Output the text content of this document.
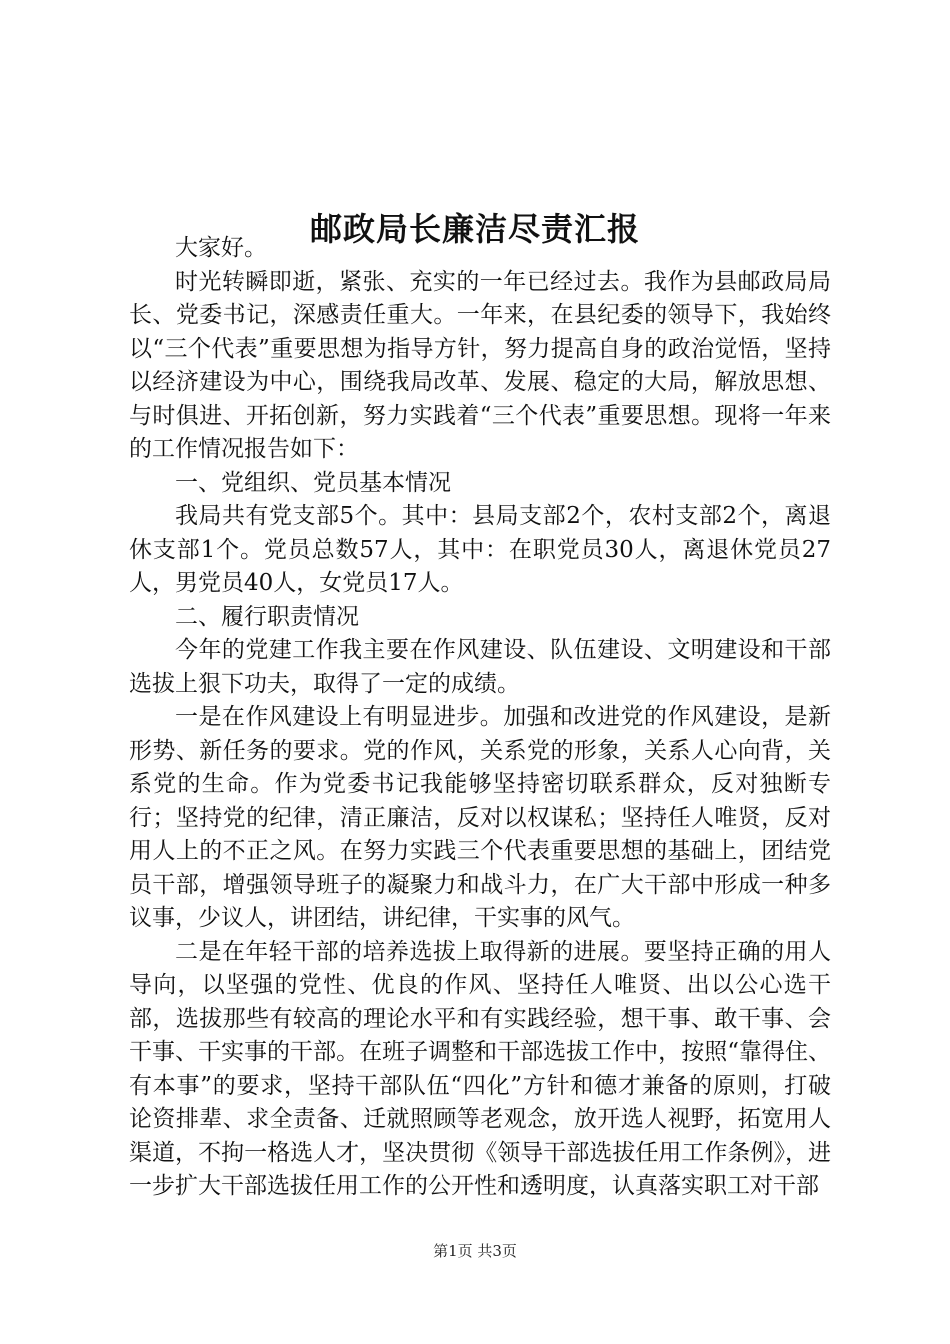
邮政局长廉洁尽责汇报

大家好。

时光转瞬即逝，紧张、充实的一年已经过去。我作为县邮政局局长、党委书记，深感责任重大。一年来，在县纪委的领导下，我始终以“三个代表”重要思想为指导方针，努力提高自身的政治觉悟，坚持以经济建设为中心，围绕我局改革、发展、稳定的大局，解放思想、与时俱进、开拓创新，努力实践着“三个代表”重要思想。现将一年来的工作情况报告如下：

一、党组织、党员基本情况

我局共有党支部5个。其中：县局支部2个，农村支部2个，离退休支部1个。党员总数57人，其中：在职党员30人，离退休党员27人，男党员40人，女党员17人。

二、履行职责情况

今年的党建工作我主要在作风建设、队伍建设、文明建设和干部选拔上狠下功夫，取得了一定的成绩。

一是在作风建设上有明显进步。加强和改进党的作风建设，是新形势、新任务的要求。党的作风，关系党的形象，关系人心向背，关系党的生命。作为党委书记我能够坚持密切联系群众，反对独断专行；坚持党的纪律，清正廉洁，反对以权谋私；坚持任人唯贤，反对用人上的不正之风。在努力实践三个代表重要思想的基础上，团结党员干部，增强领导班子的凝聚力和战斗力，在广大干部中形成一种多议事，少议人，讲团结，讲纪律，干实事的风气。

二是在年轻干部的培养选拔上取得新的进展。要坚持正确的用人导向，以坚强的党性、优良的作风、坚持任人唯贤、出以公心选干部，选拔那些有较高的理论水平和有实践经验，想干事、敢干事、会干事、干实事的干部。在班子调整和干部选拔工作中，按照“靠得住、有本事”的要求，坚持干部队伍“四化”方针和德才兼备的原则，打破论资排辈、求全责备、迁就照顾等老观念，放开选人视野，拓宽用人渠道，不拘一格选人才，坚决贯彻《领导干部选拔任用工作条例》，进一步扩大干部选拔任用工作的公开性和透明度，认真落实职工对干部

第1页 共3页
